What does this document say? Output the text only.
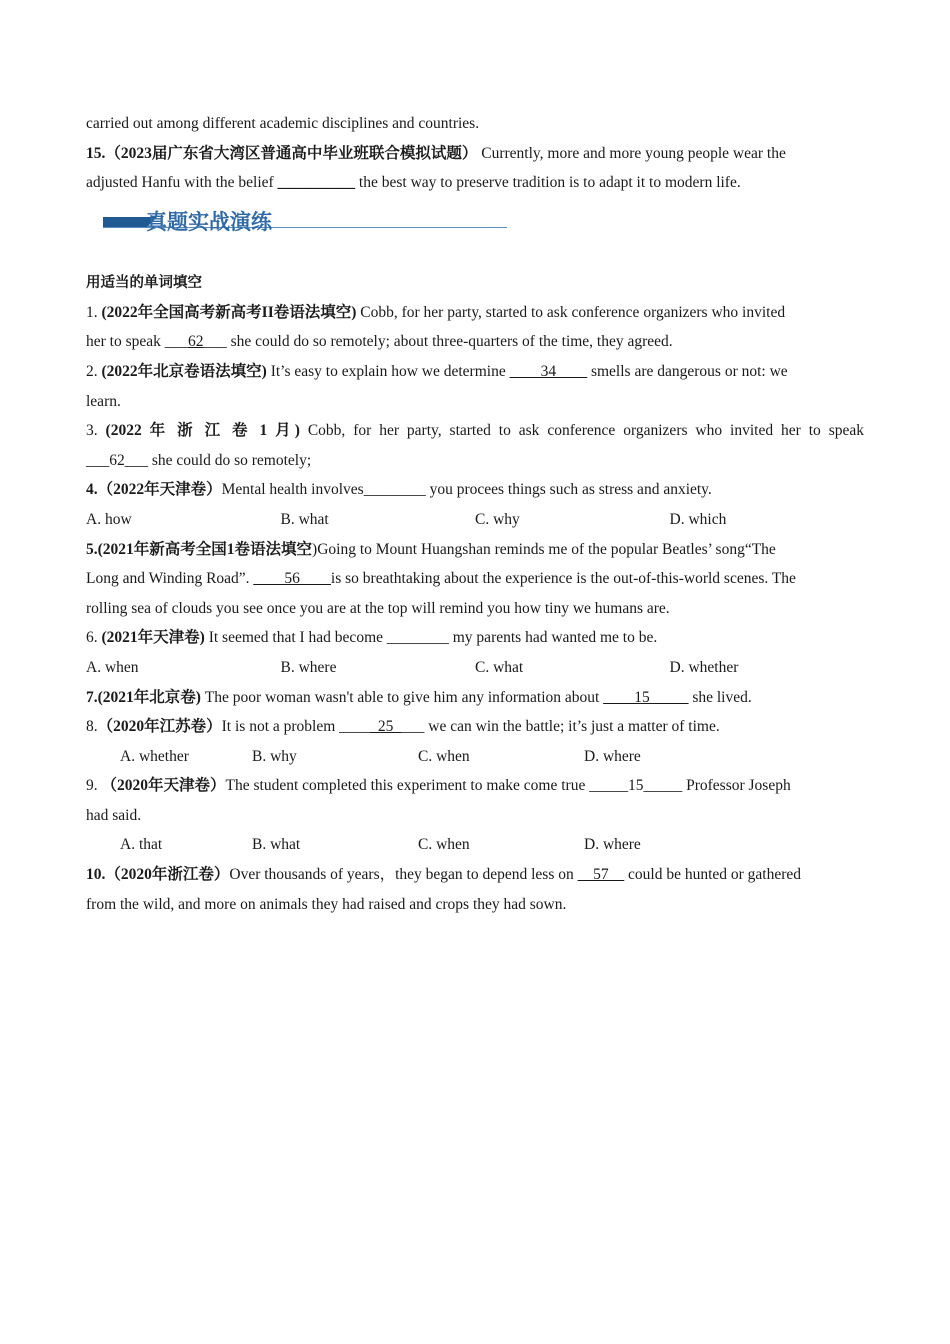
carried out among different academic disciplines and countries.
15.（2023届广东省大湾区普通高中毕业班联合模拟试题） Currently, more and more young people wear the
adjusted Hanfu with the belief __________ the best way to preserve tradition is to adapt it to modern life.
真题实战演练
用适当的单词填空
1. (2022年全国高考新高考II卷语法填空) Cobb, for her party, started to ask conference organizers who invited
her to speak ___62___ she could do so remotely; about three-quarters of the time, they agreed.
2. (2022年北京卷语法填空) It’s easy to explain how we determine ____34____ smells are dangerous or not: we
learn.
3. (2022 年 浙 江 卷 1 月) Cobb, for her party, started to ask conference organizers who invited her to speak
___62___ she could do so remotely;
4.（2022年天津卷）Mental health involves________ you procees things such as stress and anxiety.
A. how	B. what	C. why	D. which
5.(2021年新高考全国1卷语法填空)Going to Mount Huangshan reminds me of the popular Beatles’ song“The
Long and Winding Road”. ____56____is so breathtaking about the experience is the out-of-this-world scenes. The
rolling sea of clouds you see once you are at the top will remind you how tiny we humans are.
6. (2021年天津卷) It seemed that I had become ________ my parents had wanted me to be.
A. when	B. where	C. what	D. whether
7.(2021年北京卷) The poor woman wasn't able to give him any information about ____15_____ she lived.
8.（2020年江苏卷）It is not a problem _____25____ we can win the battle; it’s just a matter of time.
A. whether	B. why	C. when	D. where
9. （2020年天津卷）The student completed this experiment to make come true _____15_____ Professor Joseph
had said.
A. that	B. what	C. when	D. where
10.（2020年浙江卷）Over thousands of years，they began to depend less on __57__ could be hunted or gathered
from the wild, and more on animals they had raised and crops they had sown.
